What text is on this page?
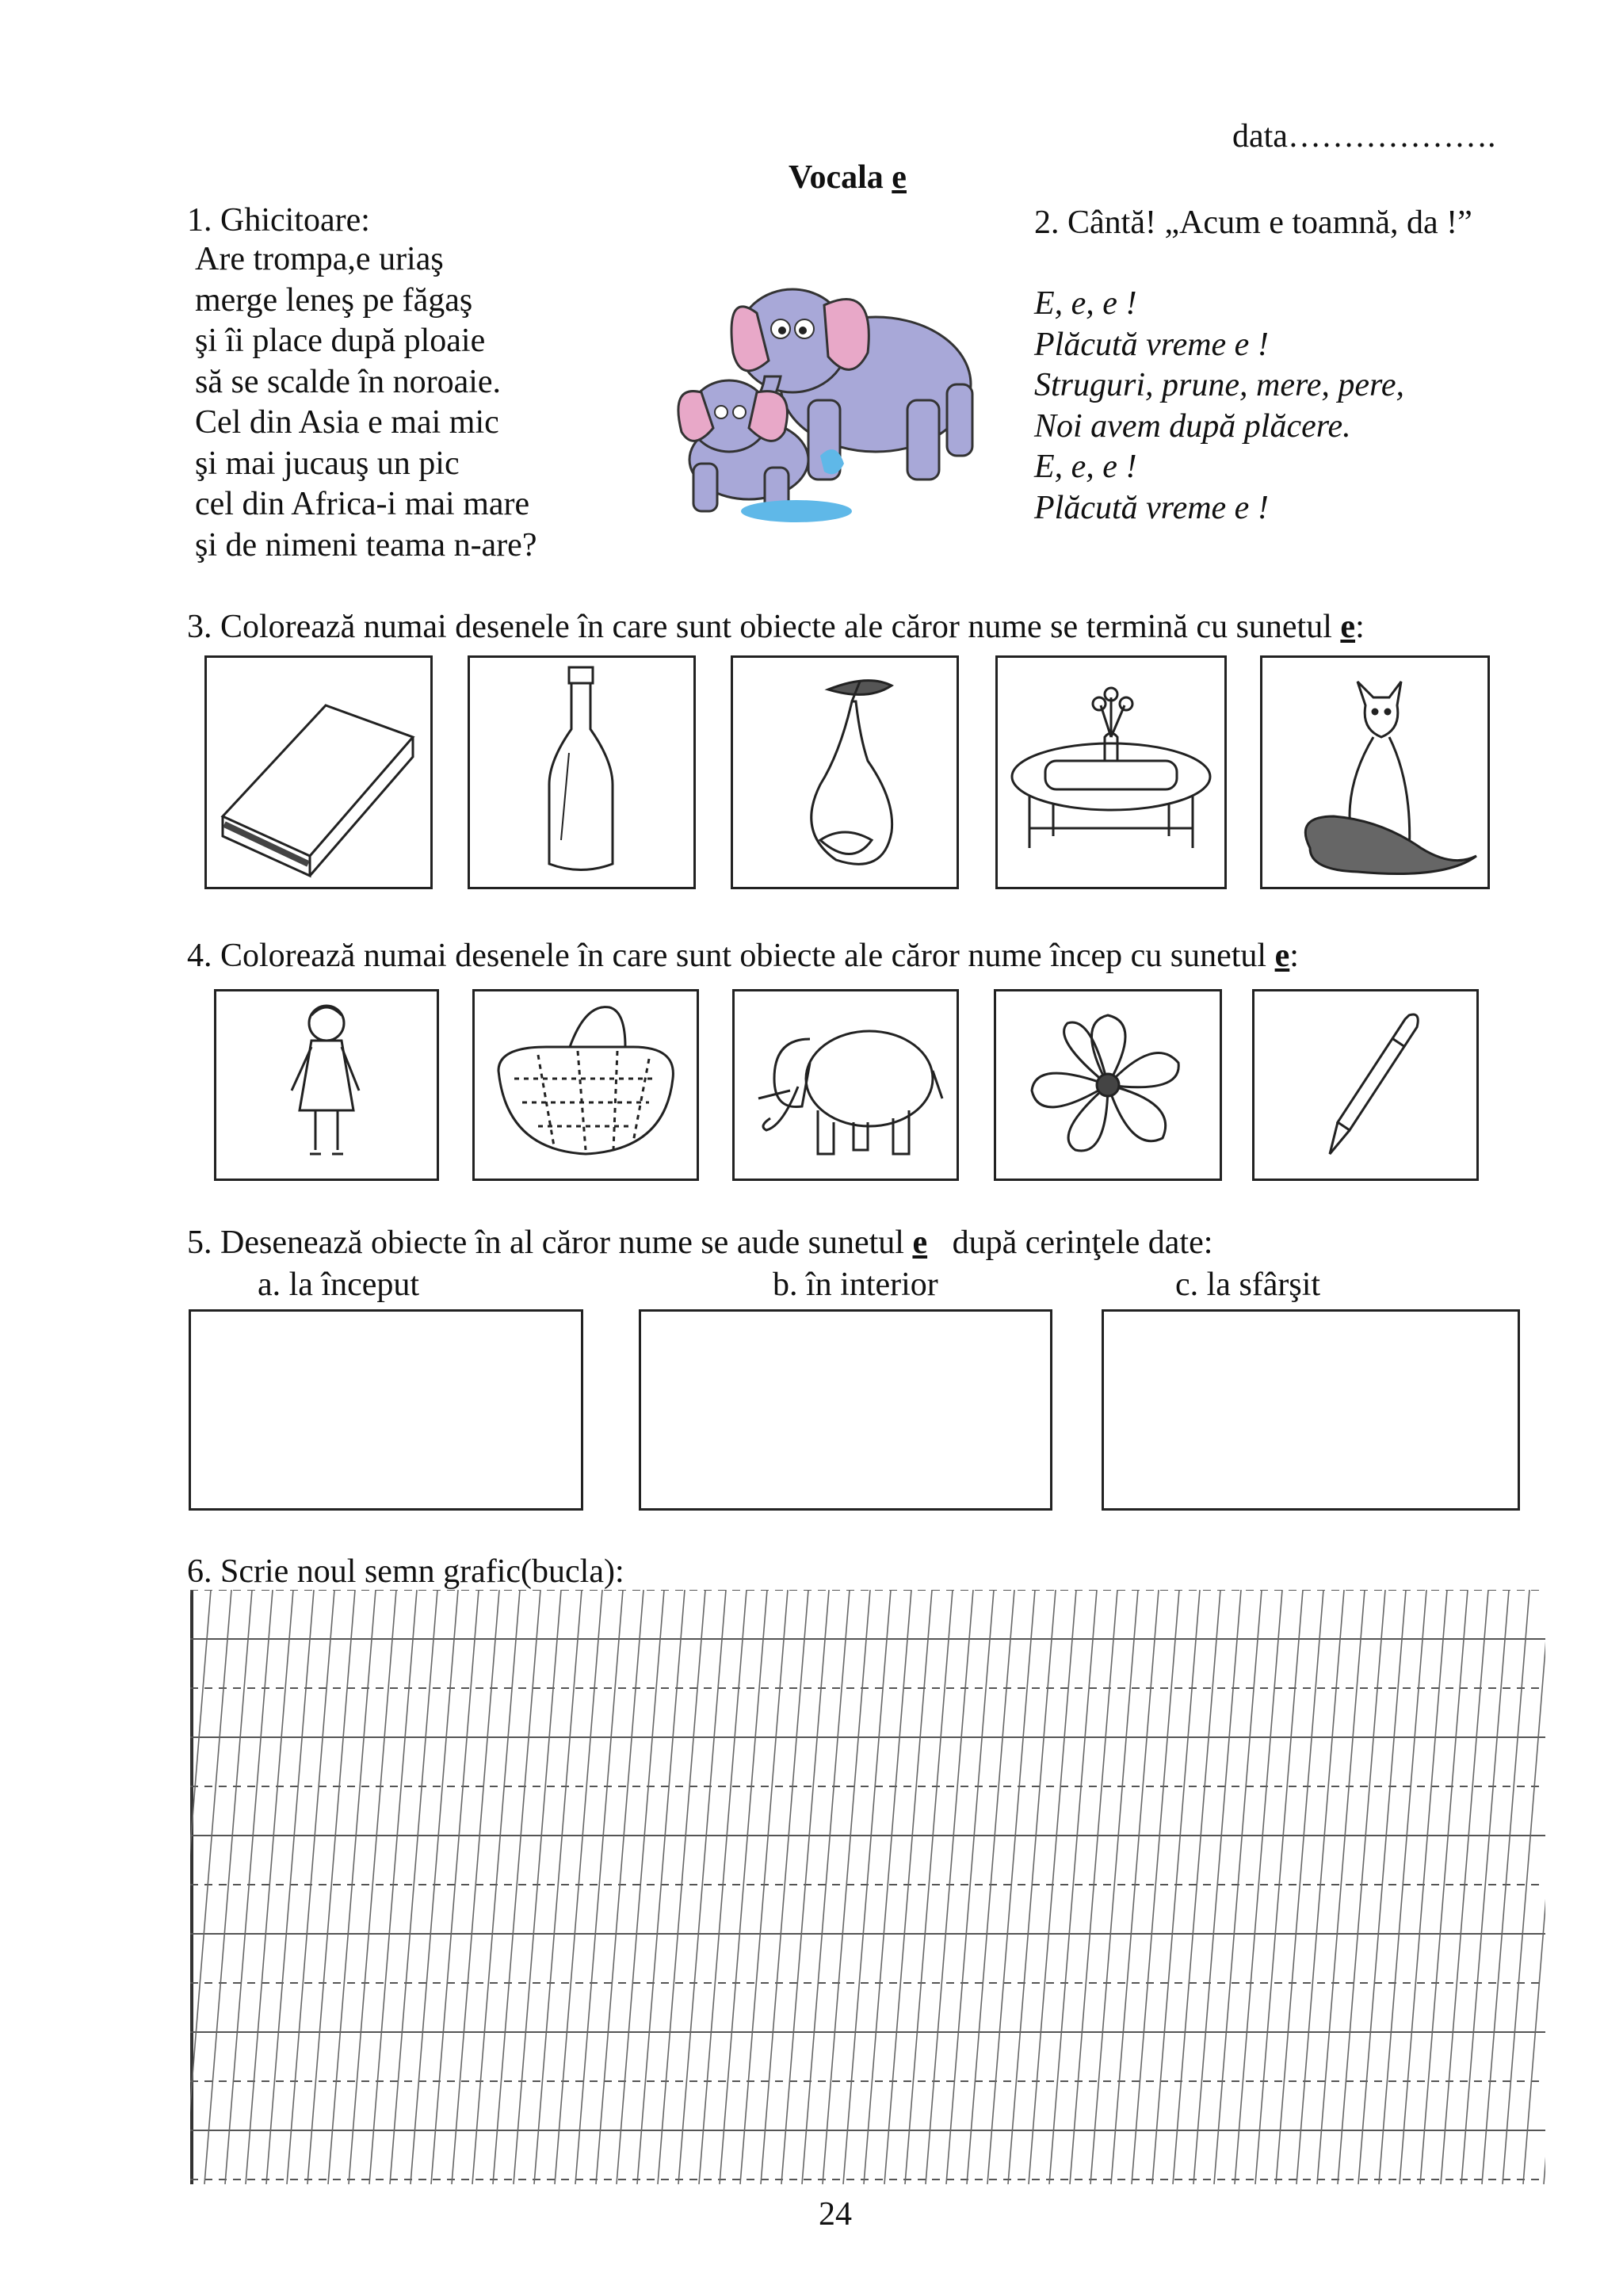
data……………….
Vocala e
1. Ghicitoare:
Are trompa,e uriaş
merge leneş pe făgaş
şi îi place după ploaie
să se scalde în noroaie.
Cel din Asia e mai mic
şi mai jucauş un pic
cel din Africa-i mai mare
şi de nimeni teama n-are?
2. Cântă! „Acum e toamnă, da !”
E, e, e !
Plăcută vreme e !
Struguri, prune, mere, pere,
Noi avem după plăcere.
E, e, e !
Plăcută vreme e !
3. Colorează numai desenele în care sunt obiecte ale căror nume se termină cu sunetul e:
4. Colorează numai desenele în care sunt obiecte ale căror nume încep cu sunetul e:
5. Desenează obiecte în al căror nume se aude sunetul e   după cerinţele date:
a. la început	b. în interior	c. la sfârşit
6. Scrie noul semn grafic(bucla):
24
